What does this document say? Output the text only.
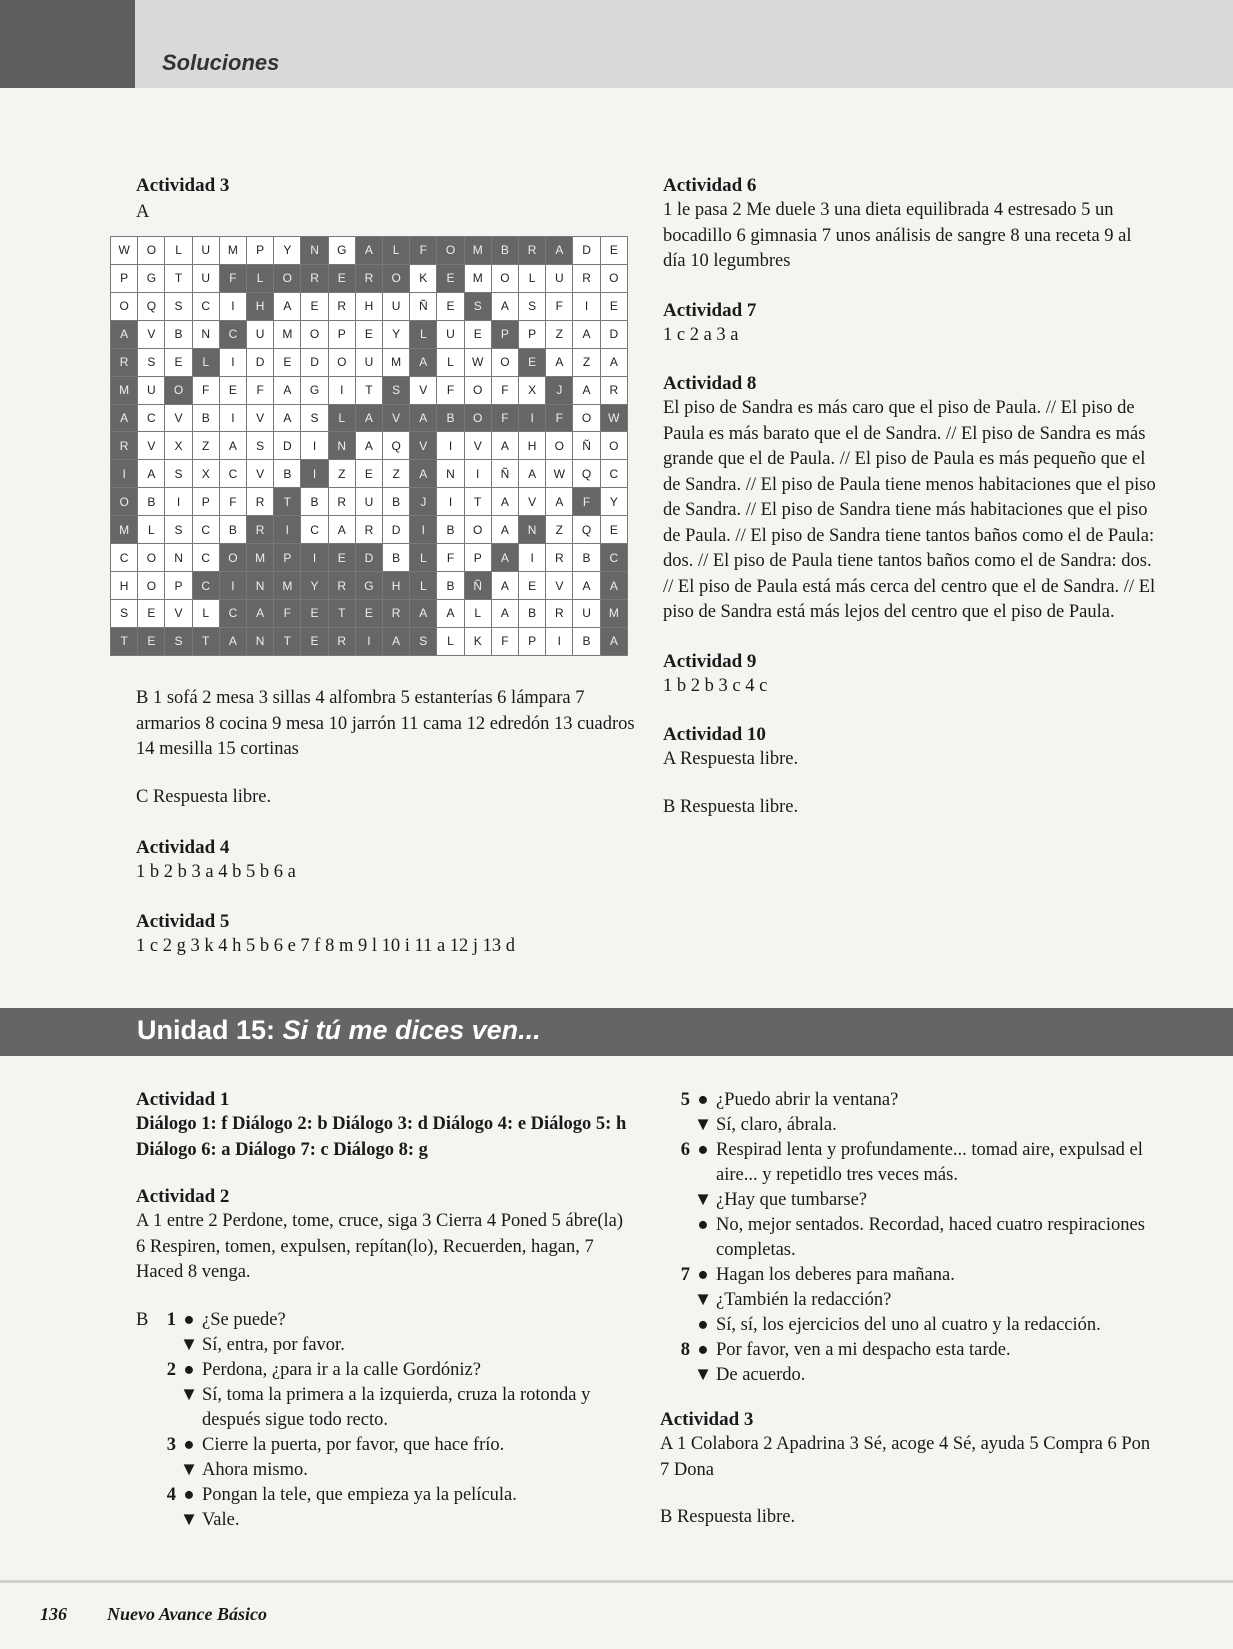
Soluciones

Actividad 3

A

W	O	L	U	M	P	Y	N	G	A	L	F	O	M	B	R	A	D	E
P	G	T	U	F	L	O	R	E	R	O	K	E	M	O	L	U	R	O
O	Q	S	C	I	H	A	E	R	H	U	Ñ	E	S	A	S	F	I	E
A	V	B	N	C	U	M	O	P	E	Y	L	U	E	P	P	Z	A	D
R	S	E	L	I	D	E	D	O	U	M	A	L	W	O	E	A	Z	A
M	U	O	F	E	F	A	G	I	T	S	V	F	O	F	X	J	A	R
A	C	V	B	I	V	A	S	L	A	V	A	B	O	F	I	F	O	W
R	V	X	Z	A	S	D	I	N	A	Q	V	I	V	A	H	O	Ñ	O
I	A	S	X	C	V	B	I	Z	E	Z	A	N	I	Ñ	A	W	Q	C
O	B	I	P	F	R	T	B	R	U	B	J	I	T	A	V	A	F	Y
M	L	S	C	B	R	I	C	A	R	D	I	B	O	A	N	Z	Q	E
C	O	N	C	O	M	P	I	E	D	B	L	F	P	A	I	R	B	C
H	O	P	C	I	N	M	Y	R	G	H	L	B	Ñ	A	E	V	A	A
S	E	V	L	C	A	F	E	T	E	R	A	A	L	A	B	R	U	M
T	E	S	T	A	N	T	E	R	I	A	S	L	K	F	P	I	B	A

B 1 sofá 2 mesa 3 sillas 4 alfombra 5 estanterías 6 lámpara 7 armarios 8 cocina 9 mesa 10 jarrón 11 cama 12 edredón 13 cuadros 14 mesilla 15 cortinas

C Respuesta libre.

Actividad 4

1 b 2 b 3 a 4 b 5 b 6 a

Actividad 5

1 c 2 g 3 k 4 h 5 b 6 e 7 f 8 m 9 l 10 i 11 a 12 j 13 d

Actividad 6

1 le pasa 2 Me duele 3 una dieta equilibrada 4 estresado 5 un bocadillo 6 gimnasia 7 unos análisis de sangre 8 una receta 9 al día 10 legumbres

Actividad 7

1 c 2 a 3 a

Actividad 8

El piso de Sandra es más caro que el piso de Paula. // El piso de Paula es más barato que el de Sandra. // El piso de Sandra es más grande que el de Paula. // El piso de Paula es más pequeño que el de Sandra. // El piso de Paula tiene menos habitaciones que el piso de Sandra. // El piso de Sandra tiene más habitaciones que el piso de Paula. // El piso de Sandra tiene tantos baños como el de Paula: dos. // El piso de Paula tiene tantos baños como el de Sandra: dos. // El piso de Paula está más cerca del centro que el de Sandra. // El piso de Sandra está más lejos del centro que el piso de Paula.

Actividad 9

1 b 2 b 3 c 4 c

Actividad 10

A Respuesta libre.

B Respuesta libre.

Unidad 15: Si tú me dices ven...

Actividad 1

Diálogo 1: f Diálogo 2: b Diálogo 3: d Diálogo 4: e Diálogo 5: h Diálogo 6: a Diálogo 7: c Diálogo 8: g

Actividad 2

A 1 entre 2 Perdone, tome, cruce, siga 3 Cierra 4 Poned 5 ábre(la) 6 Respiren, tomen, expulsen, repítan(lo), Recuerden, hagan, 7 Haced 8 venga.

B 1 ● ¿Se puede?
▼ Sí, entra, por favor.
2 ● Perdona, ¿para ir a la calle Gordóniz?
▼ Sí, toma la primera a la izquierda, cruza la rotonda y después sigue todo recto.
3 ● Cierre la puerta, por favor, que hace frío.
▼ Ahora mismo.
4 ● Pongan la tele, que empieza ya la película.
▼ Vale.
5 ● ¿Puedo abrir la ventana?
▼ Sí, claro, ábrala.
6 ● Respirad lenta y profundamente... tomad aire, expulsad el aire... y repetidlo tres veces más.
▼ ¿Hay que tumbarse?
● No, mejor sentados. Recordad, haced cuatro respiraciones completas.
7 ● Hagan los deberes para mañana.
▼ ¿También la redacción?
● Sí, sí, los ejercicios del uno al cuatro y la redacción.
8 ● Por favor, ven a mi despacho esta tarde.
▼ De acuerdo.

Actividad 3

A 1 Colabora 2 Apadrina 3 Sé, acoge 4 Sé, ayuda 5 Compra 6 Pon 7 Dona

B Respuesta libre.

136 Nuevo Avance Básico
